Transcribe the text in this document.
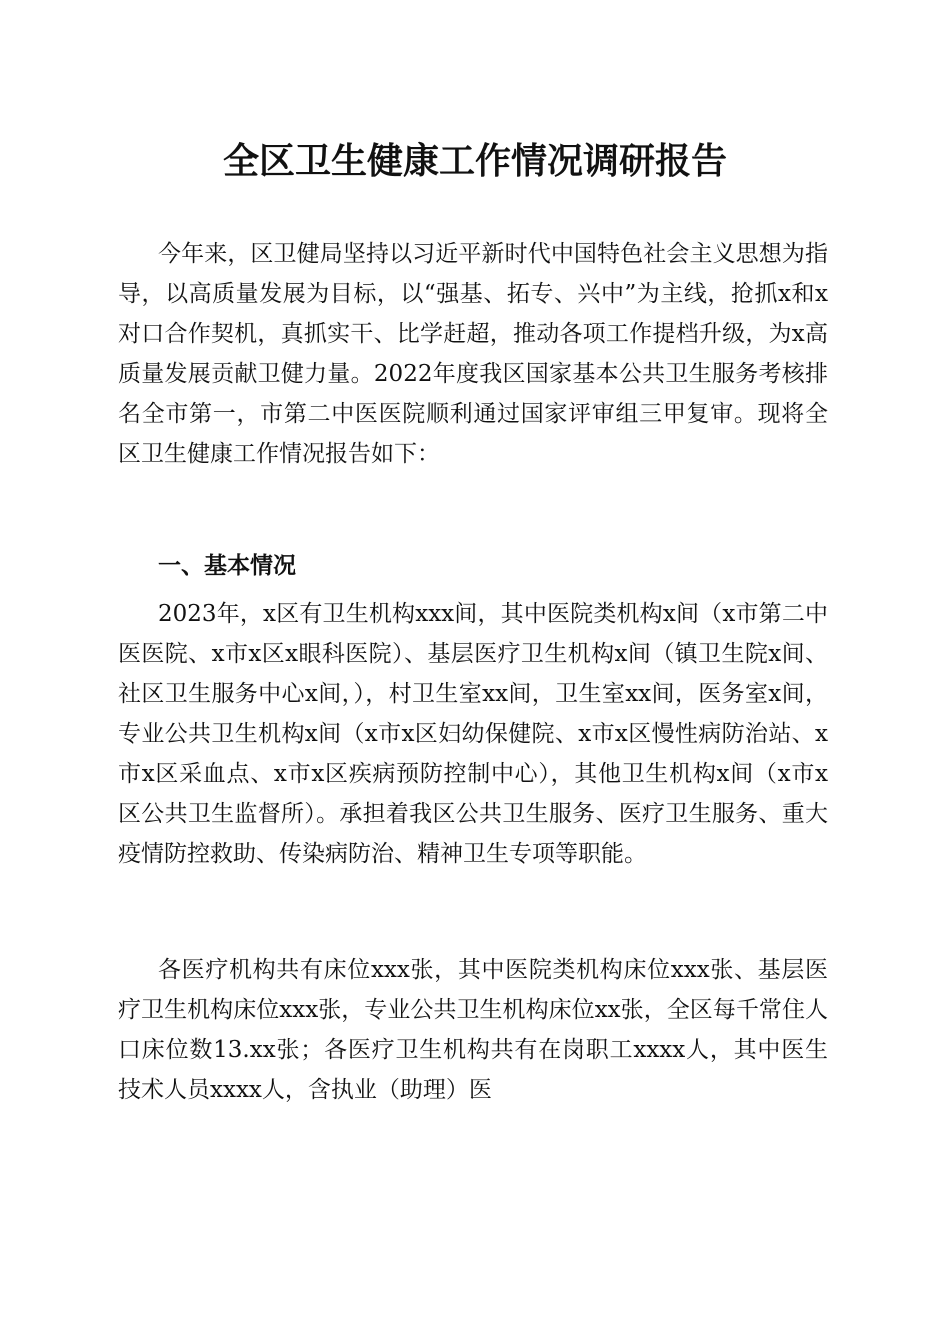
全区卫生健康工作情况调研报告

今年来，区卫健局坚持以习近平新时代中国特色社会主义思想为指导，以高质量发展为目标，以“强基、拓专、兴中”为主线，抢抓x和x对口合作契机，真抓实干、比学赶超，推动各项工作提档升级，为x高质量发展贡献卫健力量。2022年度我区国家基本公共卫生服务考核排名全市第一，市第二中医医院顺利通过国家评审组三甲复审。现将全区卫生健康工作情况报告如下：

一、基本情况

2023年，x区有卫生机构xxx间，其中医院类机构x间（x市第二中医医院、x市x区x眼科医院）、基层医疗卫生机构x间（镇卫生院x间、社区卫生服务中心x间，），村卫生室xx间，卫生室xx间，医务室x间，专业公共卫生机构x间（x市x区妇幼保健院、x市x区慢性病防治站、x市x区采血点、x市x区疾病预防控制中心），其他卫生机构x间（x市x区公共卫生监督所）。承担着我区公共卫生服务、医疗卫生服务、重大疫情防控救助、传染病防治、精神卫生专项等职能。

各医疗机构共有床位xxx张，其中医院类机构床位xxx张、基层医疗卫生机构床位xxx张，专业公共卫生机构床位xx张，全区每千常住人口床位数13.xx张；各医疗卫生机构共有在岗职工xxxx人，其中医生技术人员xxxx人，含执业（助理）医
